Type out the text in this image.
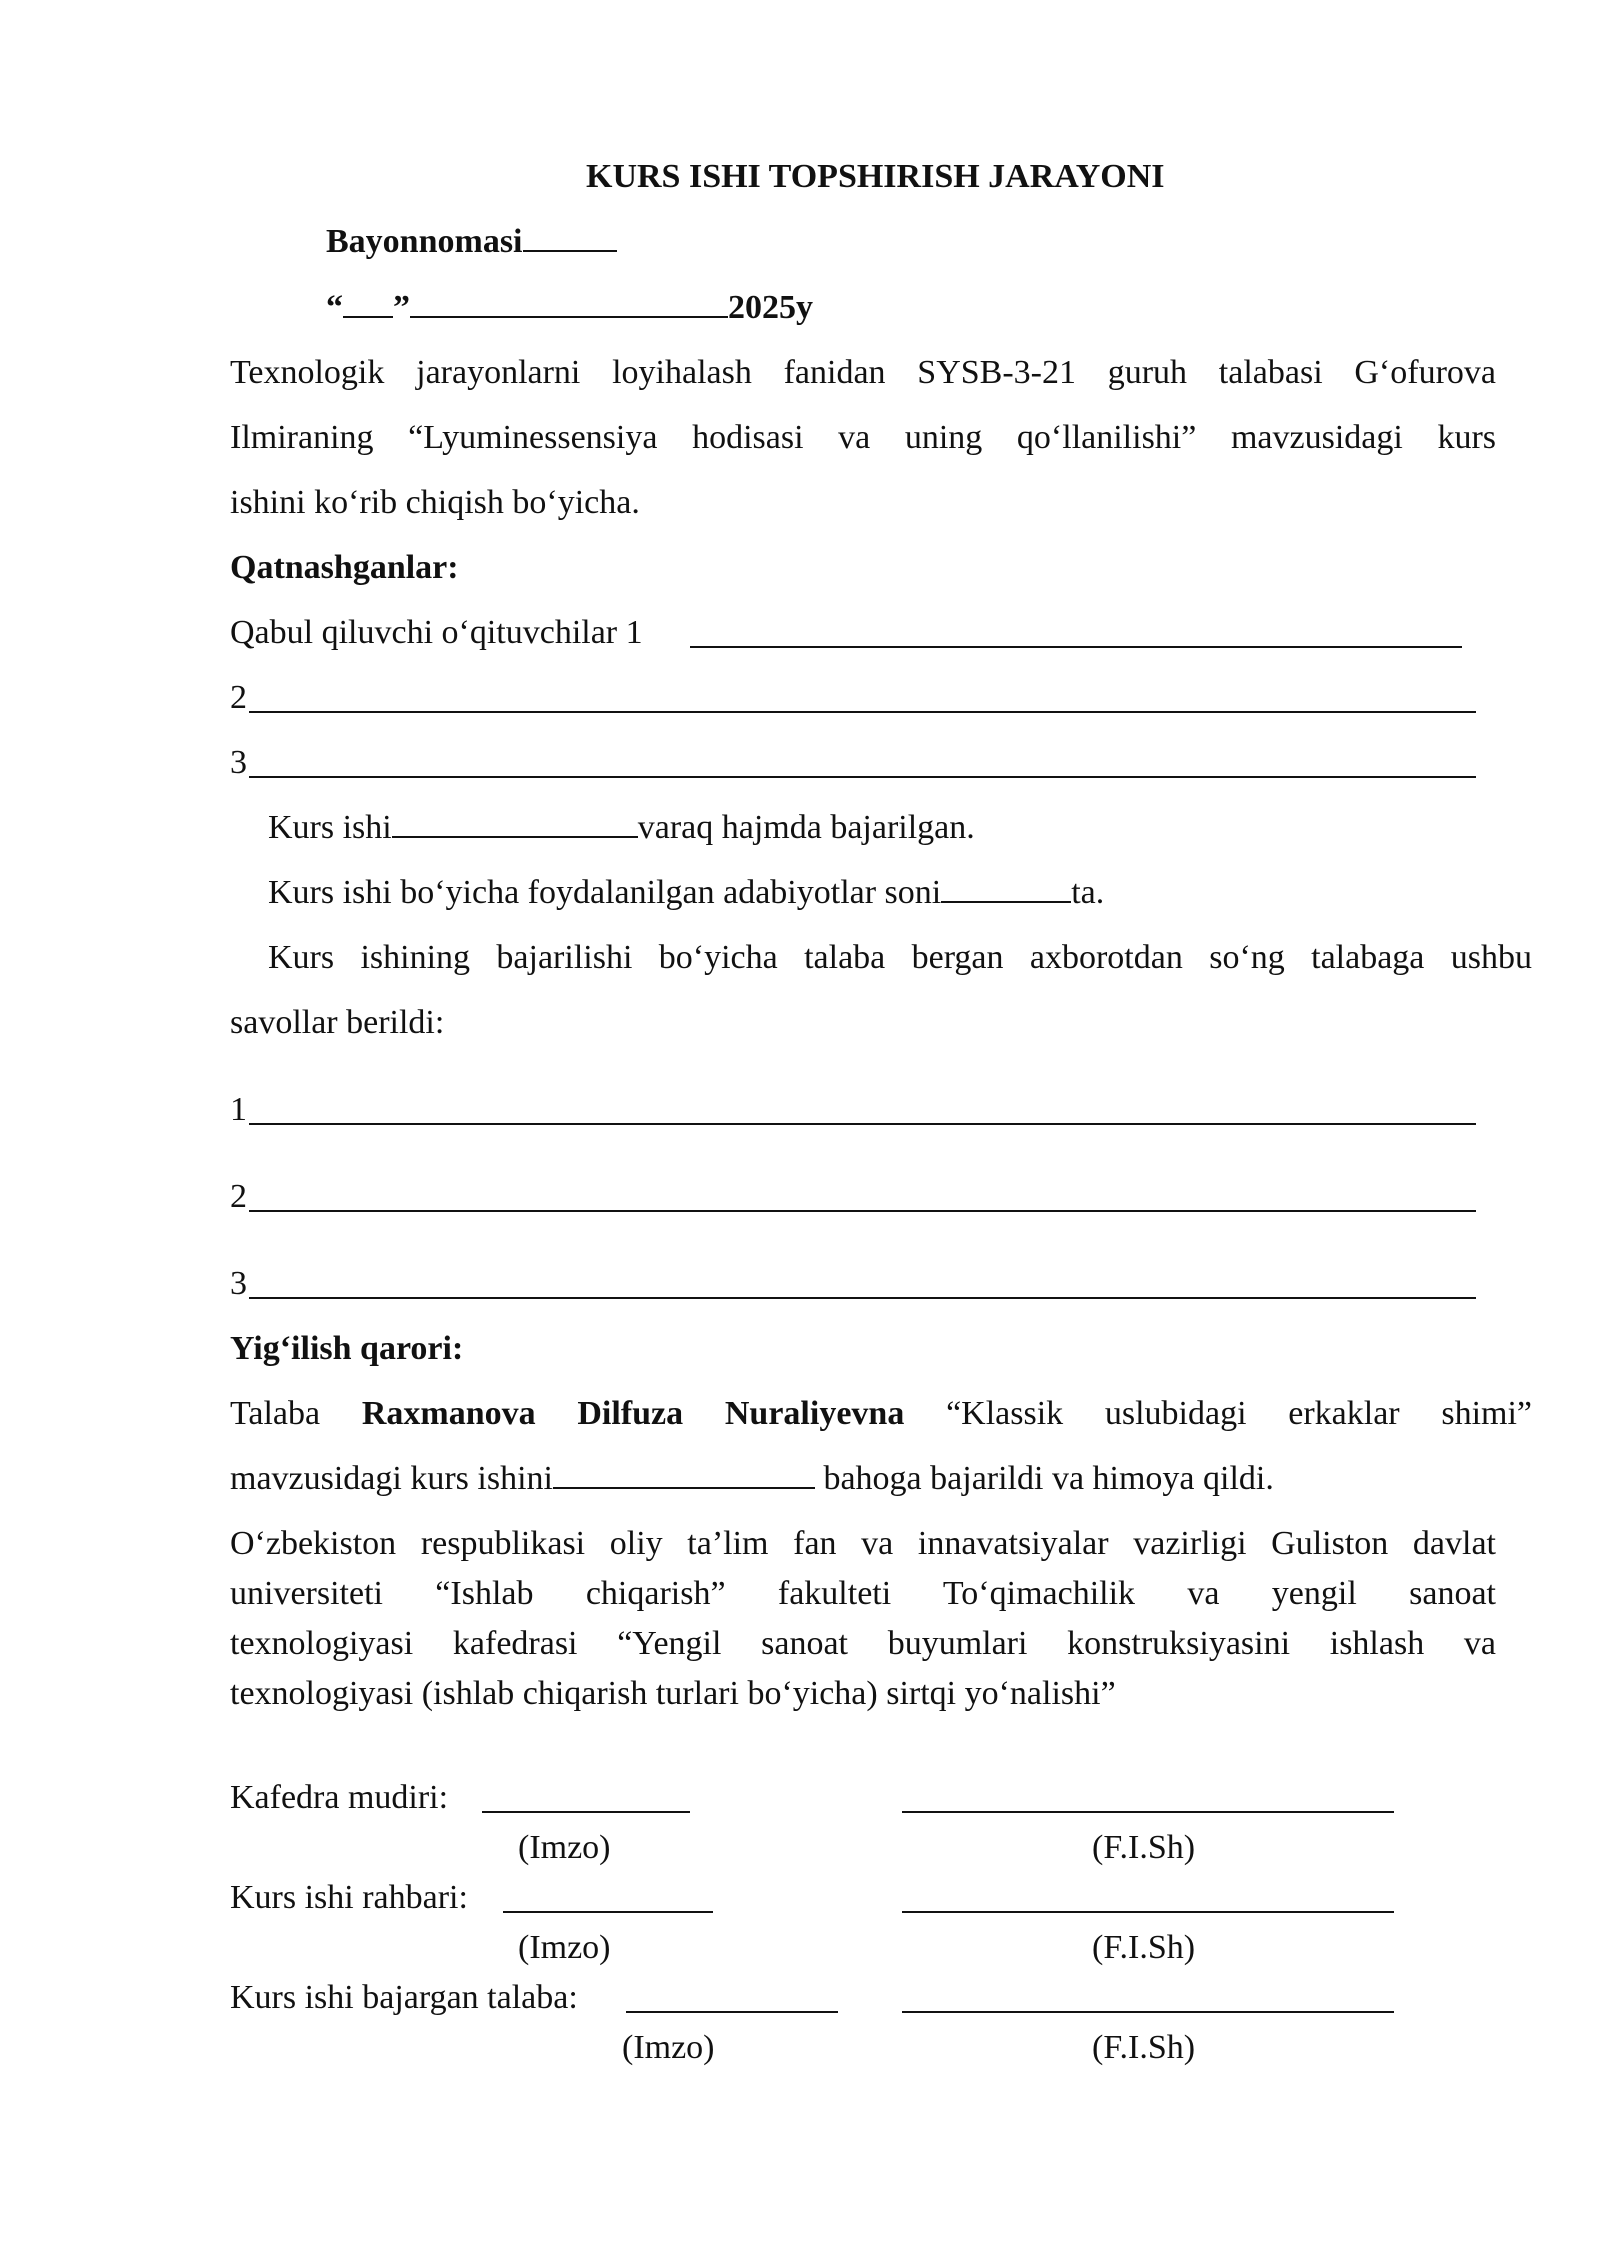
KURS ISHI TOPSHIRISH JARAYONI
Bayonnomasi
“ ”	2025y
Texnologik jarayonlarni loyihalash fanidan SYSB-3-21 guruh talabasi G‘ofurova
Ilmiraning “Lyuminessensiya hodisasi va uning qo‘llanilishi” mavzusidagi kurs
ishini ko‘rib chiqish bo‘yicha.
Qatnashganlar:
Qabul qiluvchi o‘qituvchilar 1
2
3
Kurs ishi	varaq hajmda bajarilgan.
Kurs ishi bo‘yicha foydalanilgan adabiyotlar soni	ta.
Kurs ishining bajarilishi bo‘yicha talaba bergan axborotdan so‘ng talabaga ushbu
savollar berildi:
1
2
3
Yig‘ilish qarori:
Talaba Raxmanova Dilfuza Nuraliyevna “Klassik uslubidagi erkaklar shimi”
mavzusidagi kurs ishini	bahoga bajarildi va himoya qildi.
O‘zbekiston respublikasi oliy ta’lim fan va innavatsiyalar vazirligi Guliston davlat
universiteti “Ishlab chiqarish” fakulteti To‘qimachilik va yengil sanoat
texnologiyasi kafedrasi “Yengil sanoat buyumlari konstruksiyasini ishlash va
texnologiyasi (ishlab chiqarish turlari bo‘yicha) sirtqi yo‘nalishi”
Kafedra mudiri:
(Imzo)	(F.I.Sh)
Kurs ishi rahbari:
(Imzo)	(F.I.Sh)
Kurs ishi bajargan talaba:
(Imzo)	(F.I.Sh)
